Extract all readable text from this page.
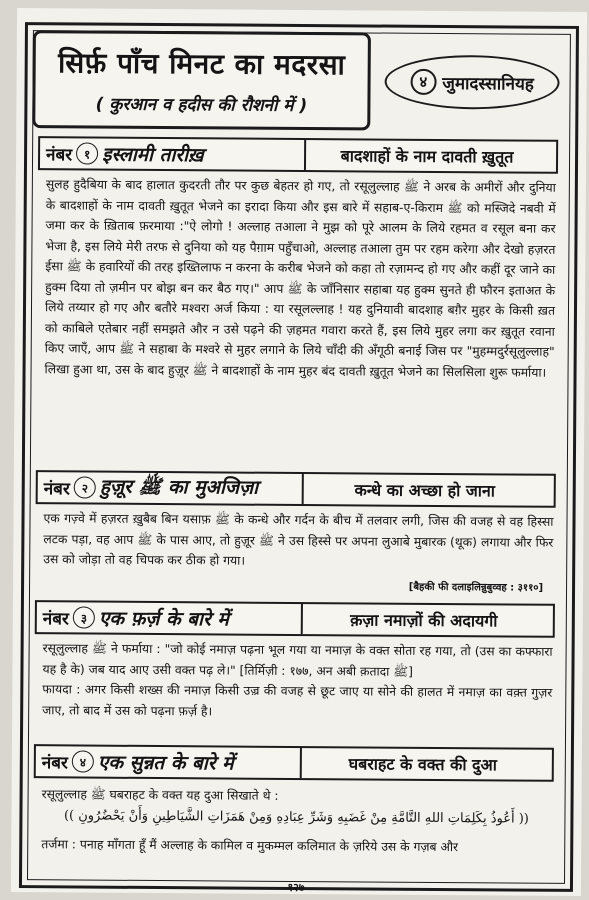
सिर्फ़ पाँच मिनट का मदरसा
( कुरआन व हदीस की रौशनी में )
४ जुमादस्सानियह
नंबर १ इस्लामी तारीख़	बादशाहों के नाम दावती ख़ुतूत

सुलह हुदैबिया के बाद हालात कुदरती तौर पर कुछ बेहतर हो गए, तो रसूलुल्लाह ﷺ ने अरब के अमीरों और दुनिया के बादशाहों के नाम दावती ख़ुतूत भेजने का इरादा किया और इस बारे में सहाब-ए-किराम ﷺ को मस्जिदे नबवी में जमा कर के ख़िताब फ़रमाया :"ऐ लोगो ! अल्लाह तआला ने मुझ को पूरे आलम के लिये रहमत व रसूल बना कर भेजा है, इस लिये मेरी तरफ से दुनिया को यह पैग़ाम पहुँचाओ, अल्लाह तआला तुम पर रहम करेगा और देखो हज़रत ईसा ﷺ के हवारियों की तरह इख्तिलाफ न करना के करीब भेजने को कहा तो रज़ामन्द हो गए और कहीं दूर जाने का हुक्म दिया तो ज़मीन पर बोझ बन कर बैठ गए।" आप ﷺ के जाँनिसार सहाबा यह हुक्म सुनते ही फौरन इताअत के लिये तय्यार हो गए और बतौरे मश्वरा अर्ज किया : या रसूलल्लाह ! यह दुनियावी बादशाह बग़ैर मुहर के किसी ख़त को काबिले एतेबार नहीं समझते और न उसे पढ़ने की ज़हमत गवारा करते हैं, इस लिये मुहर लगा कर ख़ुतूत रवाना किए जाएँ, आप ﷺ ने सहाबा के मश्वरे से मुहर लगाने के लिये चाँदी की अँगूठी बनाई जिस पर "मुहम्मदुर्रसूलुल्लाह" लिखा हुआ था, उस के बाद हुज़ूर ﷺ ने बादशाहों के नाम मुहर बंद दावती ख़ुतूत भेजने का सिलसिला शुरू फर्माया।

नंबर २ हुज़ूर ﷺ का मुअजिज़ा	कन्धे का अच्छा हो जाना

एक गज़्वे में हज़रत ख़ुबैब बिन यसाफ़ ﷺ के कन्धे और गर्दन के बीच में तलवार लगी, जिस की वजह से वह हिस्सा लटक पड़ा, वह आप ﷺ के पास आए, तो हुज़ूर ﷺ ने उस हिस्से पर अपना लुआबे मुबारक (थूक) लगाया और फिर उस को जोड़ा तो वह चिपक कर ठीक हो गया।

[बैहकी फी दलाइलिन्नुबुव्वह : ३११०]
नंबर ३ एक फ़र्ज़ के बारे में	क़ज़ा नमाज़ों की अदायगी

रसूलुल्लाह ﷺ ने फर्माया : "जो कोई नमाज़ पढ़ना भूल गया या नमाज़ के वक्त सोता रह गया, तो (उस का कफ्फारा यह है के) जब याद आए उसी वक्त पढ़ ले।" [तिर्मिज़ी : १७७, अन अबी क़तादा ﷺ]

फायदा : अगर किसी शख्स की नमाज़ किसी उज़्र की वजह से छूट जाए या सोने की हालत में नमाज़ का वक़्त गुज़र जाए, तो बाद में उस को पढ़ना फ़र्ज़ है।

नंबर ४ एक सुन्नत के बारे में	घबराहट के वक्त की दुआ

रसूलुल्लाह ﷺ घबराहट के वक्त यह दुआ सिखाते थे :

(( أَعُوذُ بِكَلِمَاتِ اللهِ التَّامَّةِ مِنْ غَضَبِهِ وَشَرِّ عِبَادِهِ وَمِنْ هَمَزَاتِ الشَّيَاطِينِ وَأَنْ يَحْضُرُونِ ))

तर्जमा : पनाह माँगता हूँ मैं अल्लाह के कामिल व मुकम्मल कलिमात के ज़रिये उस के गज़ब और

१२७
